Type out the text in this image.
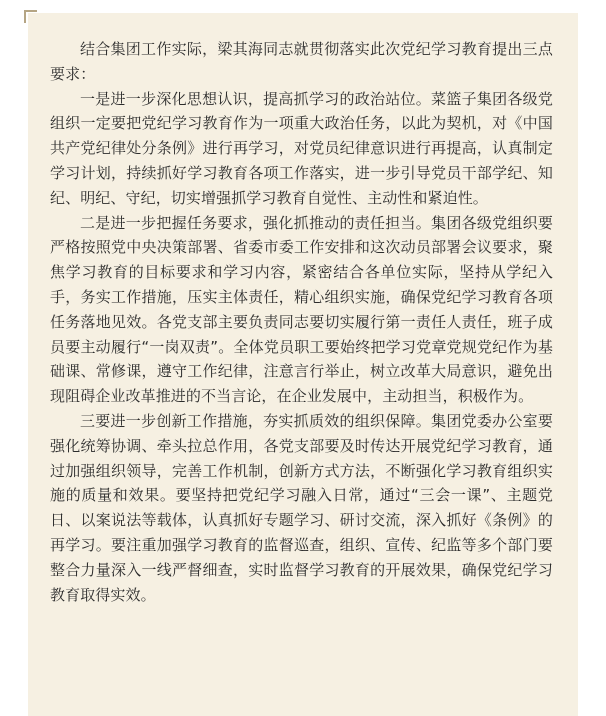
结合集团工作实际，梁其海同志就贯彻落实此次党纪学习教育提出三点要求：

一是进一步深化思想认识，提高抓学习的政治站位。菜篮子集团各级党组织一定要把党纪学习教育作为一项重大政治任务，以此为契机，对《中国共产党纪律处分条例》进行再学习，对党员纪律意识进行再提高，认真制定学习计划，持续抓好学习教育各项工作落实，进一步引导党员干部学纪、知纪、明纪、守纪，切实增强抓学习教育自觉性、主动性和紧迫性。

二是进一步把握任务要求，强化抓推动的责任担当。集团各级党组织要严格按照党中央决策部署、省委市委工作安排和这次动员部署会议要求，聚焦学习教育的目标要求和学习内容，紧密结合各单位实际，坚持从学纪入手，务实工作措施，压实主体责任，精心组织实施，确保党纪学习教育各项任务落地见效。各党支部主要负责同志要切实履行第一责任人责任，班子成员要主动履行“一岗双责”。全体党员职工要始终把学习党章党规党纪作为基础课、常修课，遵守工作纪律，注意言行举止，树立改革大局意识，避免出现阻碍企业改革推进的不当言论，在企业发展中，主动担当，积极作为。

三要进一步创新工作措施，夯实抓质效的组织保障。集团党委办公室要强化统筹协调、牵头拉总作用，各党支部要及时传达开展党纪学习教育，通过加强组织领导，完善工作机制，创新方式方法，不断强化学习教育组织实施的质量和效果。要坚持把党纪学习融入日常，通过“三会一课”、主题党日、以案说法等载体，认真抓好专题学习、研讨交流，深入抓好《条例》的再学习。要注重加强学习教育的监督巡查，组织、宣传、纪监等多个部门要整合力量深入一线严督细查，实时监督学习教育的开展效果，确保党纪学习教育取得实效。
